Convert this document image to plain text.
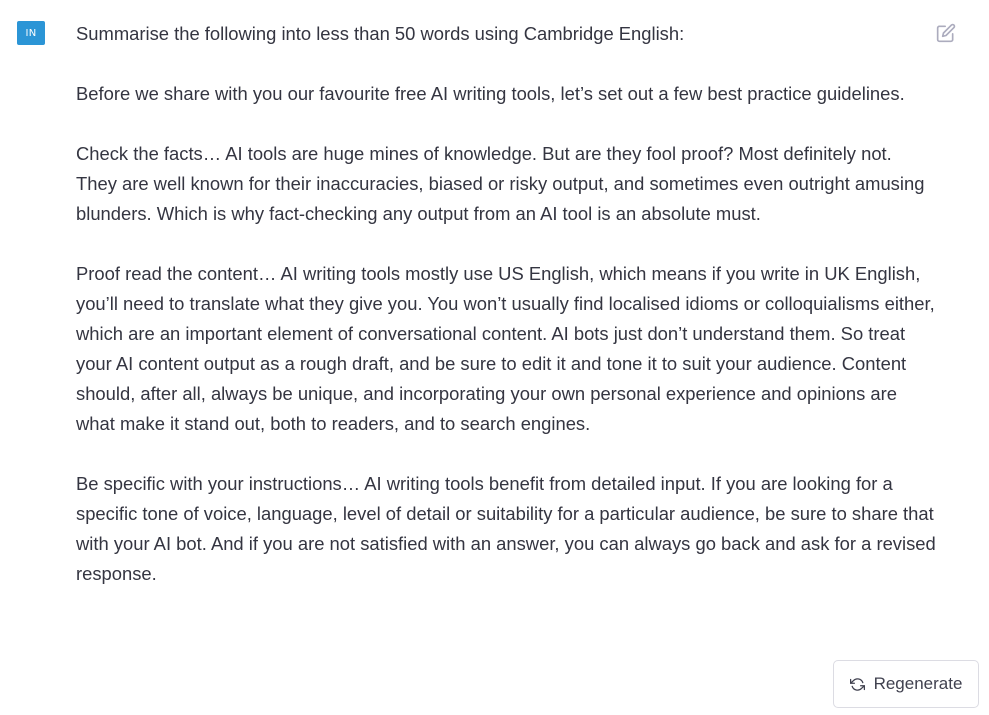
IN	Summarise the following into less than 50 words using Cambridge English:

Before we share with you our favourite free AI writing tools, let’s set out a few best practice guidelines.

Check the facts… AI tools are huge mines of knowledge. But are they fool proof? Most definitely not. They are well known for their inaccuracies, biased or risky output, and sometimes even outright amusing blunders. Which is why fact-checking any output from an AI tool is an absolute must.

Proof read the content… AI writing tools mostly use US English, which means if you write in UK English, you’ll need to translate what they give you. You won’t usually find localised idioms or colloquialisms either, which are an important element of conversational content. AI bots just don’t understand them. So treat your AI content output as a rough draft, and be sure to edit it and tone it to suit your audience. Content should, after all, always be unique, and incorporating your own personal experience and opinions are what make it stand out, both to readers, and to search engines.

Be specific with your instructions… AI writing tools benefit from detailed input. If you are looking for a specific tone of voice, language, level of detail or suitability for a particular audience, be sure to share that with your AI bot. And if you are not satisfied with an answer, you can always go back and ask for a revised response.

Regenerate
